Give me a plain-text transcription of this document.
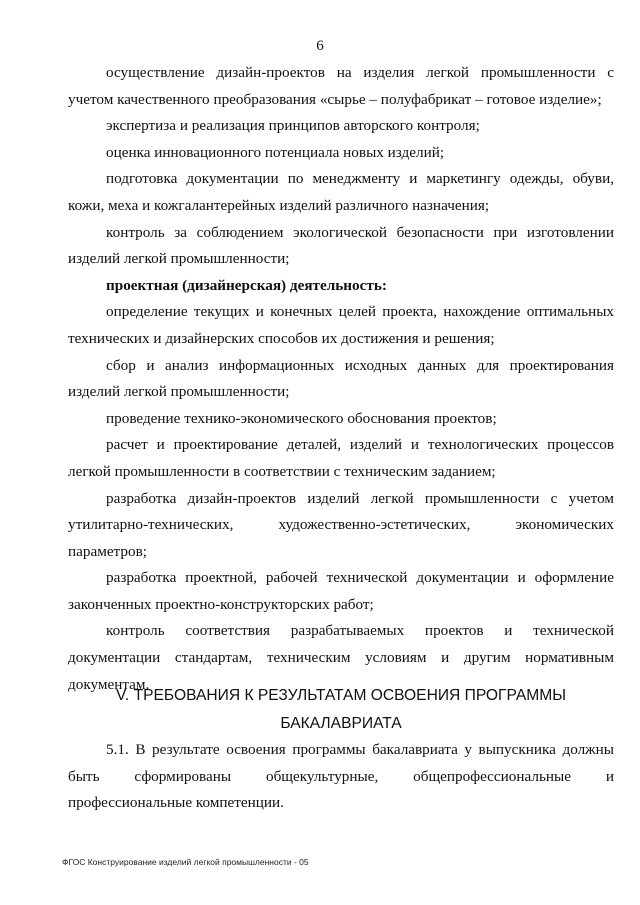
6

осуществление дизайн-проектов на изделия легкой промышленности с учетом качественного преобразования «сырье – полуфабрикат – готовое изделие»;

экспертиза и реализация принципов авторского контроля;

оценка инновационного потенциала новых изделий;

подготовка документации по менеджменту и маркетингу одежды, обуви, кожи, меха и кожгалантерейных изделий различного назначения;

контроль за соблюдением экологической безопасности при изготовлении изделий легкой промышленности;

проектная (дизайнерская) деятельность:

определение текущих и конечных целей проекта, нахождение оптимальных технических и дизайнерских способов их достижения и решения;

сбор и анализ информационных исходных данных для проектирования изделий легкой промышленности;

проведение технико-экономического обоснования проектов;

расчет и проектирование деталей, изделий и технологических процессов легкой промышленности в соответствии с техническим заданием;

разработка дизайн-проектов изделий легкой промышленности с учетом утилитарно-технических, художественно-эстетических, экономических параметров;

разработка проектной, рабочей технической документации и оформление законченных проектно-конструкторских работ;

контроль соответствия разрабатываемых проектов и технической документации стандартам, техническим условиям и другим нормативным документам.

V. ТРЕБОВАНИЯ К РЕЗУЛЬТАТАМ ОСВОЕНИЯ ПРОГРАММЫ
БАКАЛАВРИАТА

5.1. В результате освоения программы бакалавриата у выпускника должны быть сформированы общекультурные, общепрофессиональные и профессиональные компетенции.

ФГОС Конструирование изделий легкой промышленности - 05
